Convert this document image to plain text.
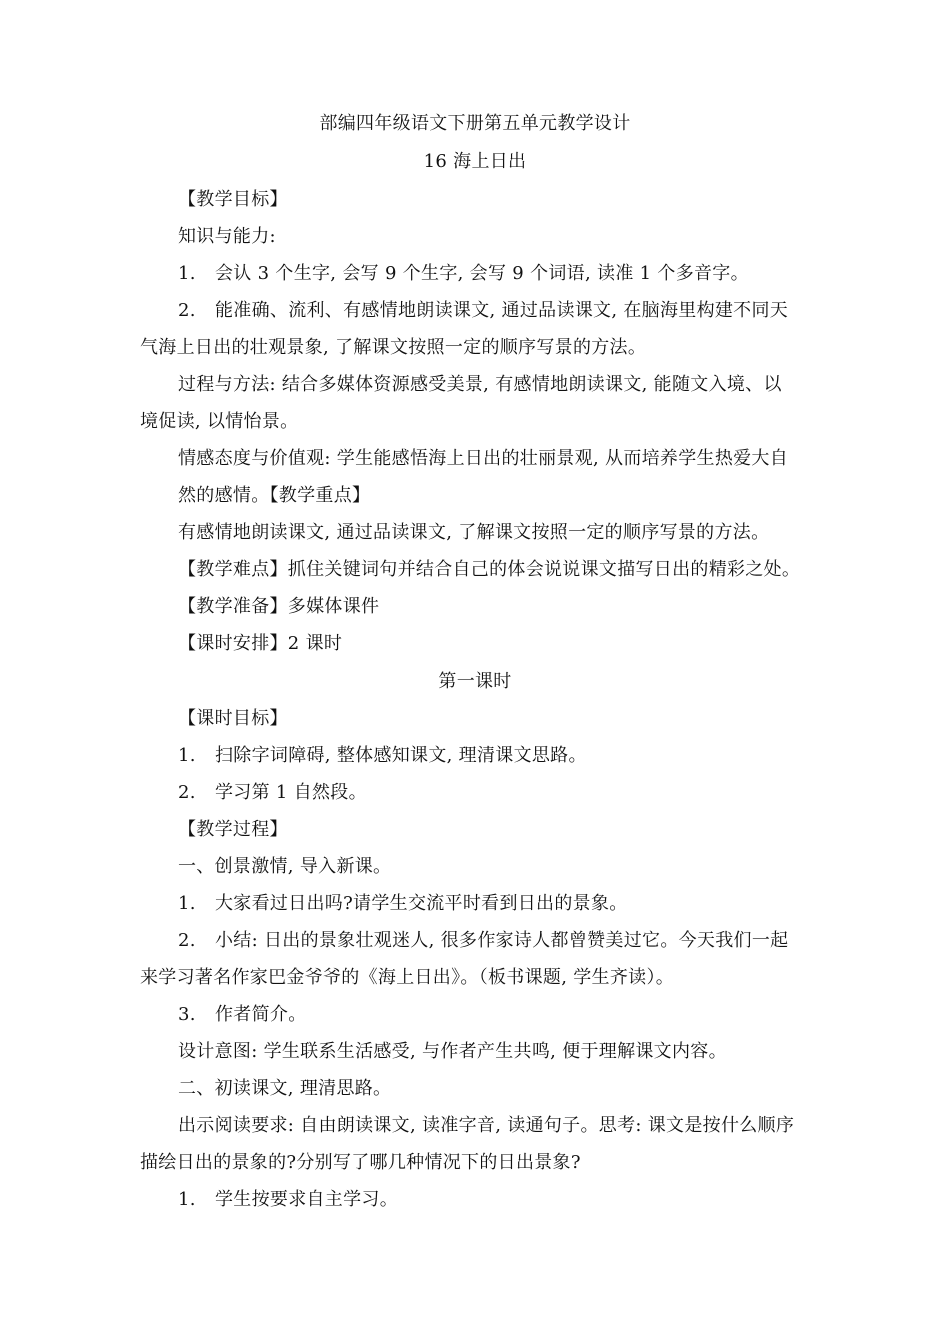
部编四年级语文下册第五单元教学设计
16 海上日出
【教学目标】
知识与能力:
1. 会认 3 个生字, 会写 9 个生字, 会写 9 个词语, 读准 1 个多音字。
2. 能准确、流利、有感情地朗读课文, 通过品读课文, 在脑海里构建不同天
气海上日出的壮观景象, 了解课文按照一定的顺序写景的方法。
过程与方法: 结合多媒体资源感受美景, 有感情地朗读课文, 能随文入境、以
境促读, 以情怡景。
情感态度与价值观: 学生能感悟海上日出的壮丽景观, 从而培养学生热爱大自
然的感情。【教学重点】
有感情地朗读课文, 通过品读课文, 了解课文按照一定的顺序写景的方法。
【教学难点】抓住关键词句并结合自己的体会说说课文描写日出的精彩之处。
【教学准备】多媒体课件
【课时安排】2 课时
第一课时
【课时目标】
1. 扫除字词障碍, 整体感知课文, 理清课文思路。
2. 学习第 1 自然段。
【教学过程】
一、创景激情, 导入新课。
1. 大家看过日出吗?请学生交流平时看到日出的景象。
2. 小结: 日出的景象壮观迷人, 很多作家诗人都曾赞美过它。今天我们一起
来学习著名作家巴金爷爷的《海上日出》。（板书课题, 学生齐读）。
3. 作者简介。
设计意图: 学生联系生活感受, 与作者产生共鸣, 便于理解课文内容。
二、初读课文, 理清思路。
出示阅读要求: 自由朗读课文, 读准字音, 读通句子。思考: 课文是按什么顺序
描绘日出的景象的?分别写了哪几种情况下的日出景象?
1. 学生按要求自主学习。
